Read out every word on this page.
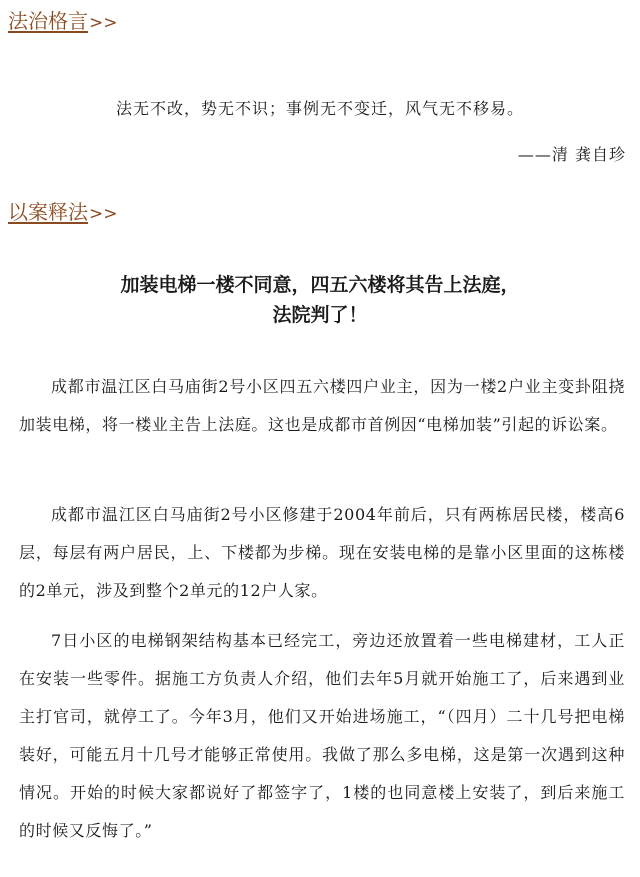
法治格言>>
法无不改，势无不识；事例无不变迁，风气无不移易。
——清 龚自珍
以案释法>>
加装电梯一楼不同意，四五六楼将其告上法庭，
法院判了！

成都市温江区白马庙街2号小区四五六楼四户业主，因为一楼2户业主变卦阻挠加装电梯，将一楼业主告上法庭。这也是成都市首例因“电梯加装”引起的诉讼案。

成都市温江区白马庙街2号小区修建于2004年前后，只有两栋居民楼，楼高6层，每层有两户居民，上、下楼都为步梯。现在安装电梯的是靠小区里面的这栋楼的2单元，涉及到整个2单元的12户人家。

7日小区的电梯钢架结构基本已经完工，旁边还放置着一些电梯建材，工人正在安装一些零件。据施工方负责人介绍，他们去年5月就开始施工了，后来遇到业主打官司，就停工了。今年3月，他们又开始进场施工，“（四月）二十几号把电梯装好，可能五月十几号才能够正常使用。我做了那么多电梯，这是第一次遇到这种情况。开始的时候大家都说好了都签字了，1楼的也同意楼上安装了，到后来施工的时候又反悔了。”
